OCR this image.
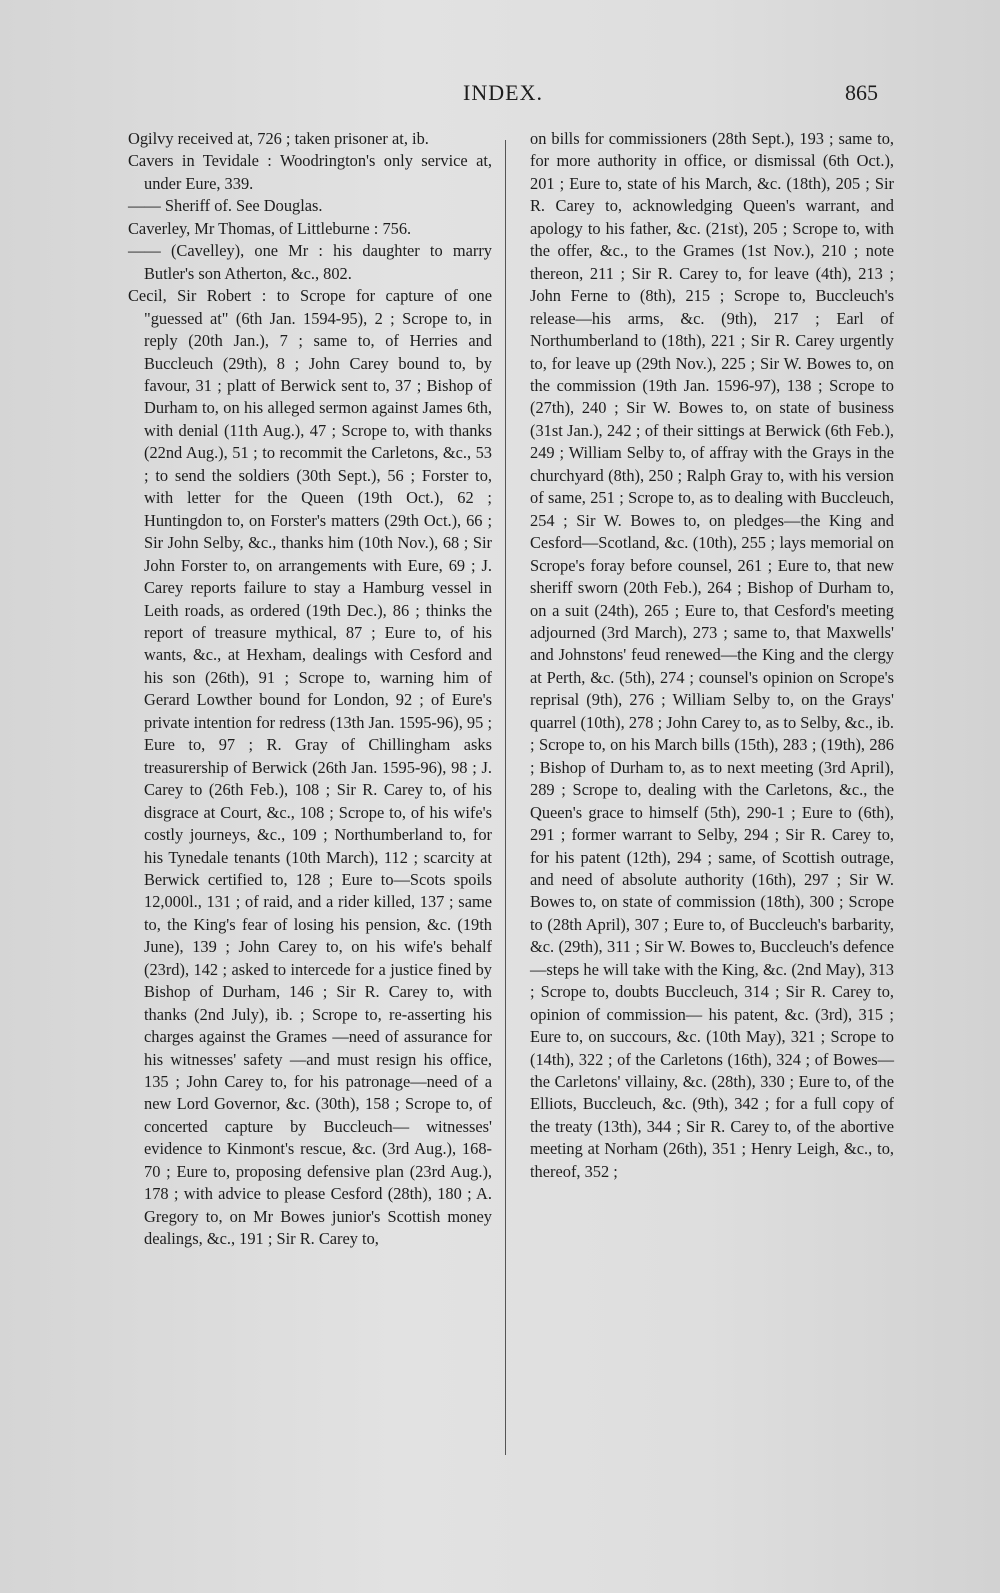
INDEX.	865

Ogilvy received at, 726 ; taken prisoner at, ib.

Cavers in Tevidale : Woodrington's only service at, under Eure, 339.

—— Sheriff of. See Douglas.

Caverley, Mr Thomas, of Littleburne : 756.

—— (Cavelley), one Mr : his daughter to marry Butler's son Atherton, &c., 802.

Cecil, Sir Robert : to Scrope for capture of one "guessed at" (6th Jan. 1594-95), 2 ; Scrope to, in reply (20th Jan.), 7 ; same to, of Herries and Buccleuch (29th), 8 ; John Carey bound to, by favour, 31 ; platt of Berwick sent to, 37 ; Bishop of Durham to, on his alleged sermon against James 6th, with denial (11th Aug.), 47 ; Scrope to, with thanks (22nd Aug.), 51 ; to recommit the Carletons, &c., 53 ; to send the soldiers (30th Sept.), 56 ; Forster to, with letter for the Queen (19th Oct.), 62 ; Huntingdon to, on Forster's matters (29th Oct.), 66 ; Sir John Selby, &c., thanks him (10th Nov.), 68 ; Sir John Forster to, on arrangements with Eure, 69 ; J. Carey reports failure to stay a Hamburg vessel in Leith roads, as ordered (19th Dec.), 86 ; thinks the report of treasure mythical, 87 ; Eure to, of his wants, &c., at Hexham, dealings with Cesford and his son (26th), 91 ; Scrope to, warning him of Gerard Lowther bound for London, 92 ; of Eure's private intention for redress (13th Jan. 1595-96), 95 ; Eure to, 97 ; R. Gray of Chillingham asks treasurership of Berwick (26th Jan. 1595-96), 98 ; J. Carey to (26th Feb.), 108 ; Sir R. Carey to, of his disgrace at Court, &c., 108 ; Scrope to, of his wife's costly journeys, &c., 109 ; Northumberland to, for his Tynedale tenants (10th March), 112 ; scarcity at Berwick certified to, 128 ; Eure to—Scots spoils 12,000l., 131 ; of raid, and a rider killed, 137 ; same to, the King's fear of losing his pension, &c. (19th June), 139 ; John Carey to, on his wife's behalf (23rd), 142 ; asked to intercede for a justice fined by Bishop of Durham, 146 ; Sir R. Carey to, with thanks (2nd July), ib. ; Scrope to, re-asserting his charges against the Grames —need of assurance for his witnesses' safety —and must resign his office, 135 ; John Carey to, for his patronage—need of a new Lord Governor, &c. (30th), 158 ; Scrope to, of concerted capture by Buccleuch— witnesses' evidence to Kinmont's rescue, &c. (3rd Aug.), 168-70 ; Eure to, proposing defensive plan (23rd Aug.), 178 ; with advice to please Cesford (28th), 180 ; A. Gregory to, on Mr Bowes junior's Scottish money dealings, &c., 191 ; Sir R. Carey to,

on bills for commissioners (28th Sept.), 193 ; same to, for more authority in office, or dismissal (6th Oct.), 201 ; Eure to, state of his March, &c. (18th), 205 ; Sir R. Carey to, acknowledging Queen's warrant, and apology to his father, &c. (21st), 205 ; Scrope to, with the offer, &c., to the Grames (1st Nov.), 210 ; note thereon, 211 ; Sir R. Carey to, for leave (4th), 213 ; John Ferne to (8th), 215 ; Scrope to, Buccleuch's release—his arms, &c. (9th), 217 ; Earl of Northumberland to (18th), 221 ; Sir R. Carey urgently to, for leave up (29th Nov.), 225 ; Sir W. Bowes to, on the commission (19th Jan. 1596-97), 138 ; Scrope to (27th), 240 ; Sir W. Bowes to, on state of business (31st Jan.), 242 ; of their sittings at Berwick (6th Feb.), 249 ; William Selby to, of affray with the Grays in the churchyard (8th), 250 ; Ralph Gray to, with his version of same, 251 ; Scrope to, as to dealing with Buccleuch, 254 ; Sir W. Bowes to, on pledges—the King and Cesford—Scotland, &c. (10th), 255 ; lays memorial on Scrope's foray before counsel, 261 ; Eure to, that new sheriff sworn (20th Feb.), 264 ; Bishop of Durham to, on a suit (24th), 265 ; Eure to, that Cesford's meeting adjourned (3rd March), 273 ; same to, that Maxwells' and Johnstons' feud renewed—the King and the clergy at Perth, &c. (5th), 274 ; counsel's opinion on Scrope's reprisal (9th), 276 ; William Selby to, on the Grays' quarrel (10th), 278 ; John Carey to, as to Selby, &c., ib. ; Scrope to, on his March bills (15th), 283 ; (19th), 286 ; Bishop of Durham to, as to next meeting (3rd April), 289 ; Scrope to, dealing with the Carletons, &c., the Queen's grace to himself (5th), 290-1 ; Eure to (6th), 291 ; former warrant to Selby, 294 ; Sir R. Carey to, for his patent (12th), 294 ; same, of Scottish outrage, and need of absolute authority (16th), 297 ; Sir W. Bowes to, on state of commission (18th), 300 ; Scrope to (28th April), 307 ; Eure to, of Buccleuch's barbarity, &c. (29th), 311 ; Sir W. Bowes to, Buccleuch's defence—steps he will take with the King, &c. (2nd May), 313 ; Scrope to, doubts Buccleuch, 314 ; Sir R. Carey to, opinion of commission— his patent, &c. (3rd), 315 ; Eure to, on succours, &c. (10th May), 321 ; Scrope to (14th), 322 ; of the Carletons (16th), 324 ; of Bowes—the Carletons' villainy, &c. (28th), 330 ; Eure to, of the Elliots, Buccleuch, &c. (9th), 342 ; for a full copy of the treaty (13th), 344 ; Sir R. Carey to, of the abortive meeting at Norham (26th), 351 ; Henry Leigh, &c., to, thereof, 352 ;
